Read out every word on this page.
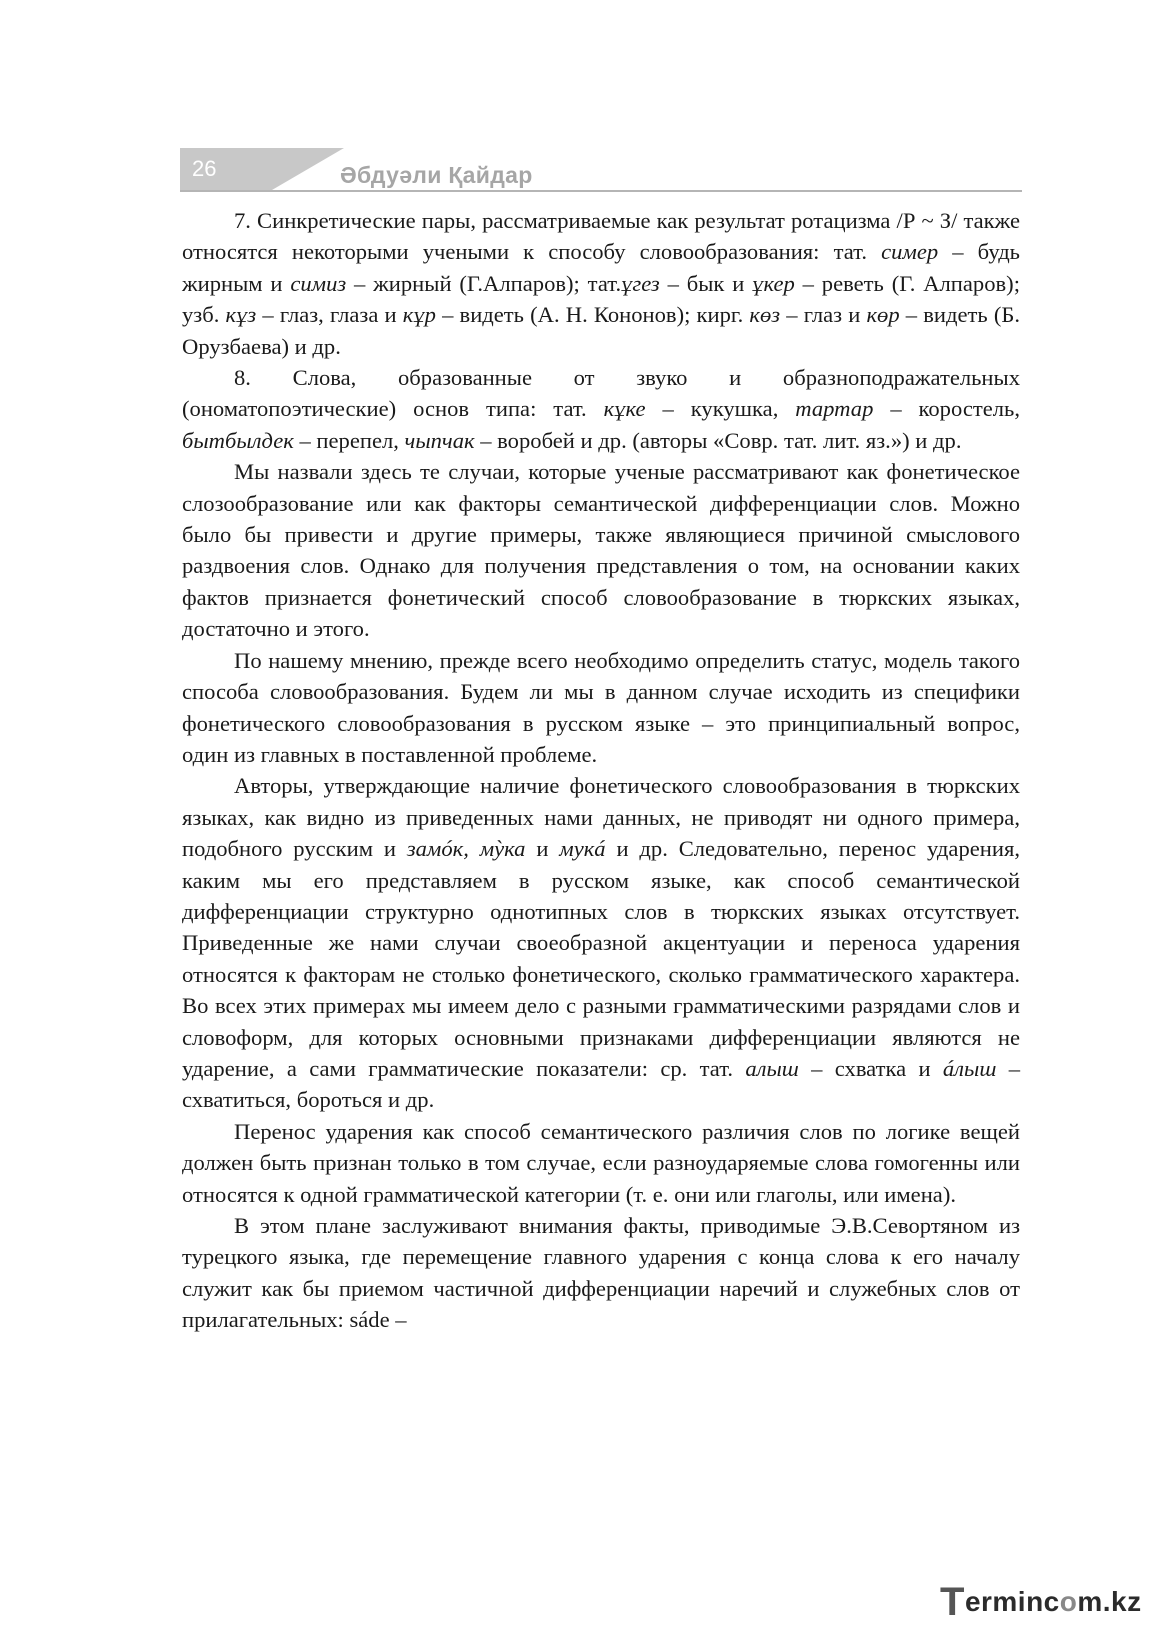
26	Әбдуәли Қайдар

7. Синкретические пары, рассматриваемые как результат ротацизма /Р ~ З/ также относятся некоторыми учеными к способу словообразования: тат. симер – будь жирным и симиз – жирный (Г.Алпаров); тат.ұгез – бык и ұкер – реветь (Г. Алпаров); узб. кұз – глаз, глаза и кұр – видеть (А. Н. Кононов); кирг. көз – глаз и көр – видеть (Б. Орузбаева) и др.

8. Слова, образованные от звуко и образноподражательных (ономатопоэтические) основ типа: тат. кұке – кукушка, тартар – коростель, бытбылдек – перепел, чыпчак – воробей и др. (авторы «Совр. тат. лит. яз.») и др.

Мы назвали здесь те случаи, которые ученые рассматривают как фонетическое слозообразование или как факторы семантической дифференциации слов. Можно было бы привести и другие примеры, также являющиеся причиной смыслового раздвоения слов. Однако для получения представления о том, на основании каких фактов признается фонетический способ словообразование в тюркских языках, достаточно и этого.

По нашему мнению, прежде всего необходимо определить статус, модель такого способа словообразования. Будем ли мы в данном случае исходить из специфики фонетического словообразования в русском языке – это принципиальный вопрос, один из главных в поставленной проблеме.

Авторы, утверждающие наличие фонетического словообразования в тюркских языках, как видно из приведенных нами данных, не приводят ни одного примера, подобного русским и замóк, мỳка и мукá и др. Следовательно, перенос ударения, каким мы его представляем в русском языке, как способ семантической дифференциации структурно однотипных слов в тюркских языках отсутствует. Приведенные же нами случаи своеобразной акцентуации и переноса ударения относятся к факторам не столько фонетического, сколько грамматического характера. Во всех этих примерах мы имеем дело с разными грамматическими разрядами слов и словоформ, для которых основными признаками дифференциации являются не ударение, а сами грамматические показатели: ср. тат. алыш – схватка и áлыш – схватиться, бороться и др.

Перенос ударения как способ семантического различия слов по логике вещей должен быть признан только в том случае, если разноударяемые слова гомогенны или относятся к одной грамматической категории (т. е. они или глаголы, или имена).

В этом плане заслуживают внимания факты, приводимые Э.В.Севортяном из турецкого языка, где перемещение главного ударения с конца слова к его началу служит как бы приемом частичной дифференциации наречий и служебных слов от прилагательных: sáde –

Termincom.kz
